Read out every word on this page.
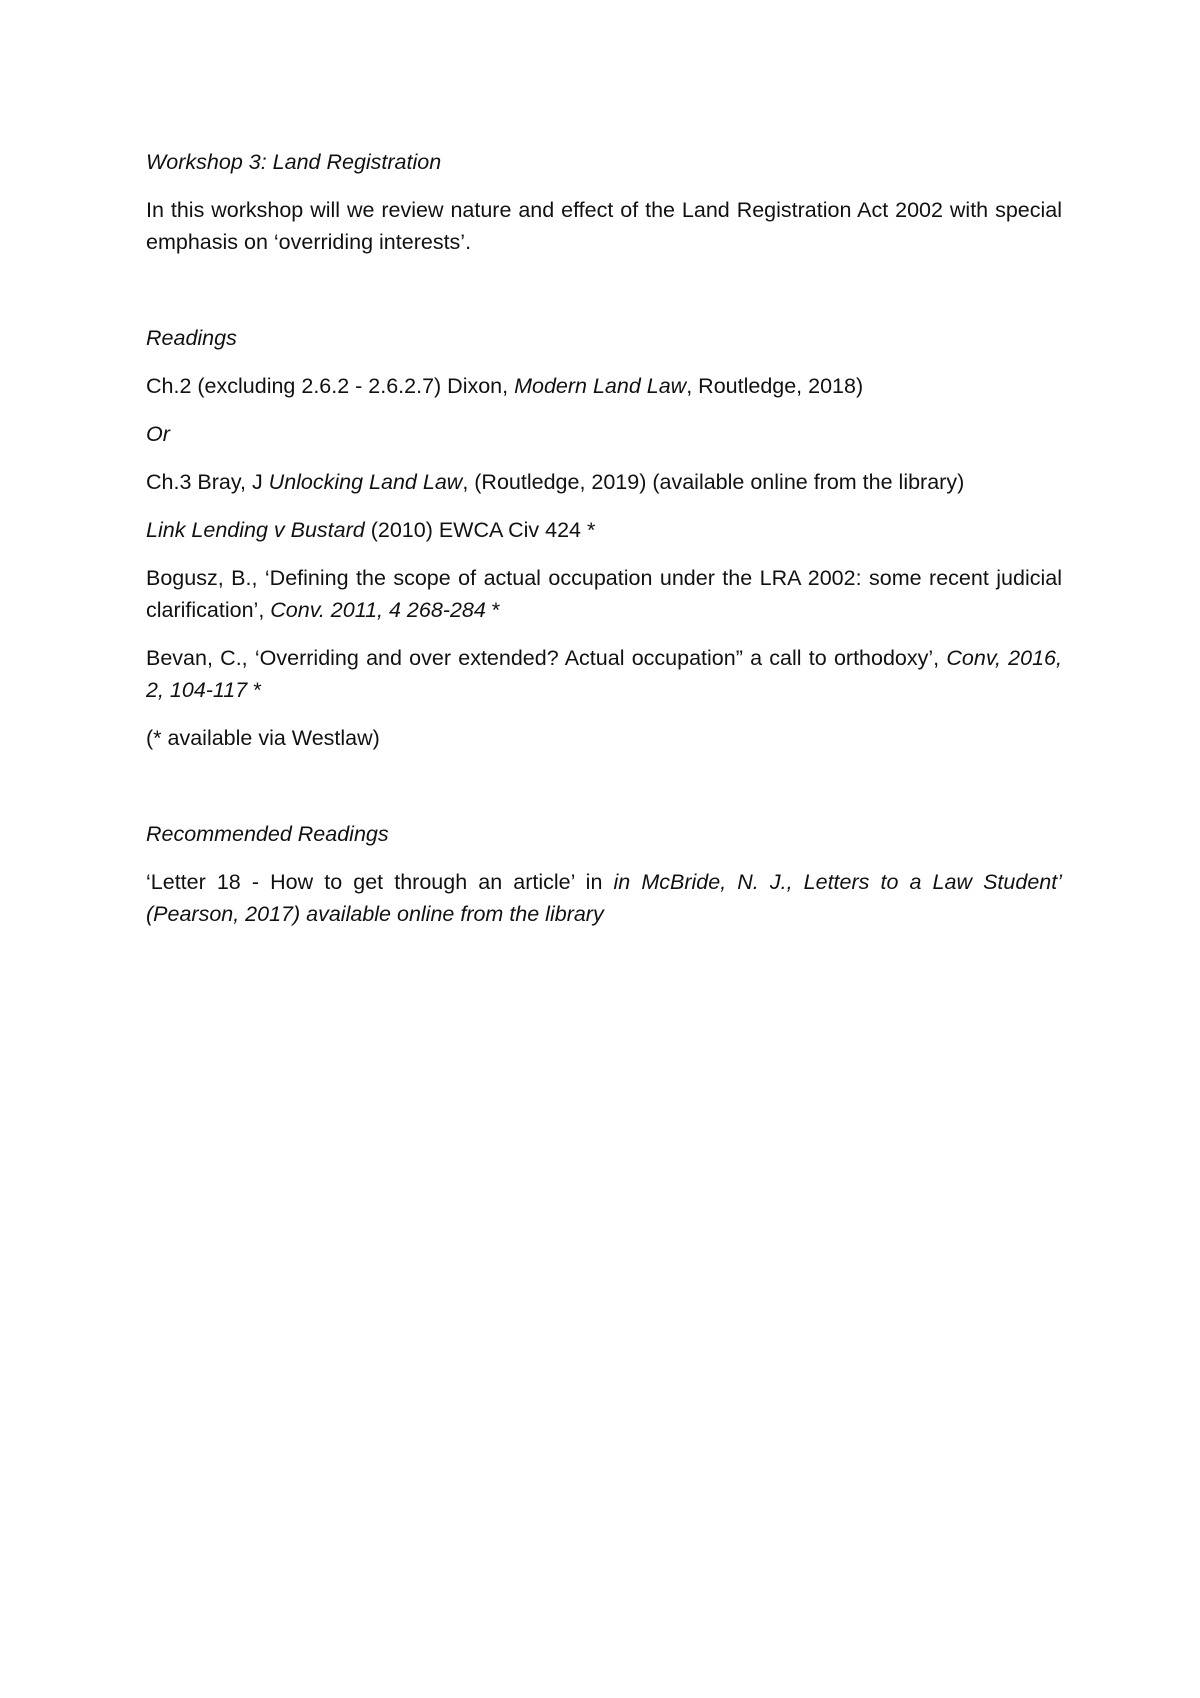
Workshop 3: Land Registration

In this workshop will we review nature and effect of the Land Registration Act 2002 with special emphasis on ‘overriding interests’.

Readings

Ch.2 (excluding 2.6.2 - 2.6.2.7) Dixon, Modern Land Law, Routledge, 2018)

Or

Ch.3 Bray, J Unlocking Land Law, (Routledge, 2019) (available online from the library)

Link Lending v Bustard (2010) EWCA Civ 424 *

Bogusz, B., ‘Defining the scope of actual occupation under the LRA 2002: some recent judicial clarification’, Conv. 2011, 4 268-284 *

Bevan, C., ‘Overriding and over extended? Actual occupation” a call to orthodoxy’, Conv, 2016, 2, 104-117 *

(* available via Westlaw)

Recommended Readings

‘Letter 18 - How to get through an article’ in in McBride, N. J., Letters to a Law Student’ (Pearson, 2017) available online from the library
